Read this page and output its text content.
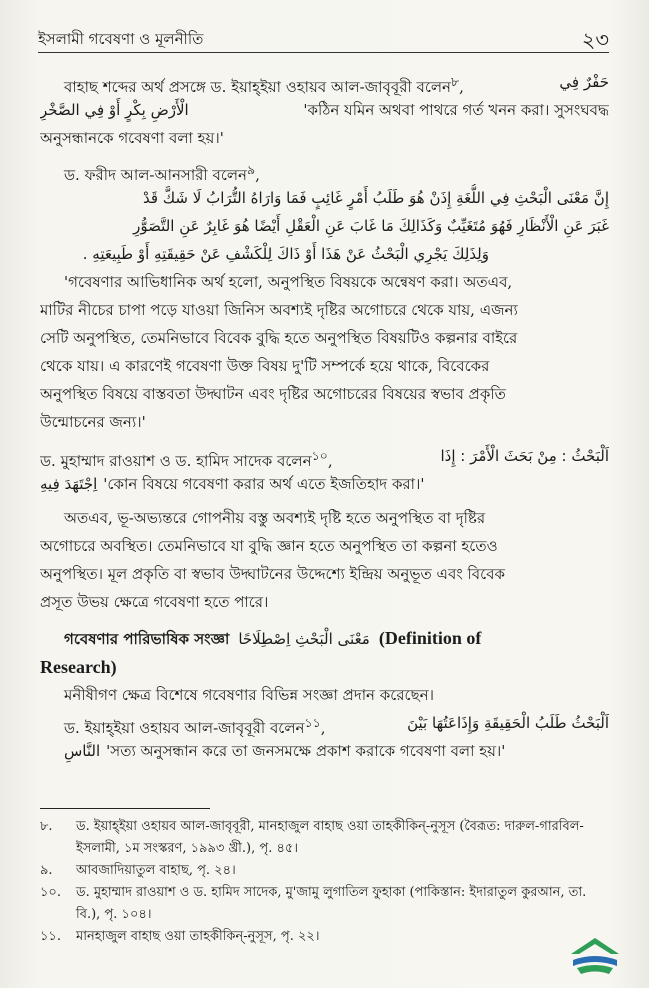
ইসলামী গবেষণা ও মূলনীতি	২৩
বাহাছ শব্দের অর্থ প্রসঙ্গে ড. ইয়াহ্‌ইয়া ওহায়ব আল-জাবৃবূরী বলেন$^৮$,	حَفْرٌ فِي
الْأَرْضِ بِكْرٍ أَوْ فِي الصَّخْرِ	'কঠিন যমিন অথবা পাথরে গর্ত খনন করা। সুসংঘবদ্ধ
অনুসন্ধানকে গবেষণা বলা হয়।'
ড. ফরীদ আল-আনসারী বলেন$^৯$,
إِنَّ مَعْنَى الْبَحْثِ فِي اللُّغَةِ إِذَنْ هُوَ طَلَبُ أَمْرٍ غَائِبٍ فَمَا وَارَاهُ التُّرَابُ لَا شَكَّ قَدْ
غَبَرَ عَنِ الْأَنْظَارِ فَهُوَ مُتَغَيِّبٌ وَكَذَالِكَ مَا غَابَ عَنِ الْعَقْلِ أَيْضًا هُوَ غَابِرٌ عَنِ التَّصَوُّرِ
وَلِذَلِكَ يَجْرِي الْبَحْثُ عَنْ هَذَا أَوْ ذَاكَ لِلْكَشْفِ عَنْ حَقِيقَتِهِ أَوْ طَبِيعَتِهِ .
'গবেষণার আভিধানিক অর্থ হলো, অনুপস্থিত বিষয়কে অন্বেষণ করা। অতএব,
মাটির নীচের চাপা পড়ে যাওয়া জিনিস অবশ্যই দৃষ্টির অগোচরে থেকে যায়, এজন্য
সেটি অনুপস্থিত, তেমনিভাবে বিবেক বুদ্ধি হতে অনুপস্থিত বিষয়টিও কল্পনার বাইরে
থেকে যায়। এ কারণেই গবেষণা উক্ত বিষয় দু'টি সম্পর্কে হয়ে থাকে, বিবেকের
অনুপস্থিত বিষয়ে বাস্তবতা উদ্ঘাটন এবং দৃষ্টির অগোচরের বিষয়ের স্বভাব প্রকৃতি
উন্মোচনের জন্য।'
ড. মুহাম্মাদ রাওয়াশ ও ড. হামিদ সাদেক বলেন$^{১০}$,	اَلْبَحْثُ : مِنْ بَحَثَ الْأَمْرَ : إِذَا
اِجْتَهَدَ فِيهِ 'কোন বিষয়ে গবেষণা করার অর্থ এতে ইজতিহাদ করা।'
অতএব, ভূ-অভ্যন্তরে গোপনীয় বস্তু অবশ্যই দৃষ্টি হতে অনুপস্থিত বা দৃষ্টির
অগোচরে অবস্থিত। তেমনিভাবে যা বুদ্ধি জ্ঞান হতে অনুপস্থিত তা কল্পনা হতেও
অনুপস্থিত। মূল প্রকৃতি বা স্বভাব উদ্ঘাটনের উদ্দেশ্যে ইন্দ্রিয় অনুভূত এবং বিবেক
প্রসূত উভয় ক্ষেত্রে গবেষণা হতে পারে।
গবেষণার পারিভাষিক সংজ্ঞা مَعْنَى الْبَحْثِ اِصْطِلَاحًا (Definition of
Research)
মনীষীগণ ক্ষেত্র বিশেষে গবেষণার বিভিন্ন সংজ্ঞা প্রদান করেছেন।
ড. ইয়াহ্‌ইয়া ওহায়ব আল-জাবৃবূরী বলেন$^{১১}$,	اَلْبَحْثُ طَلَبُ الْحَقِيقَةِ وَإِذَاعَتُهَا بَيْنَ
النَّاسِ 'সত্য অনুসন্ধান করে তা জনসমক্ষে প্রকাশ করাকে গবেষণা বলা হয়।'
৮.	ড. ইয়াহ্‌ইয়া ওহায়ব আল-জাবৃবূরী, মানহাজুল বাহাছ ওয়া তাহকীকিন্‌-নুসূস (বৈরূত: দারুল-গারবিল-ইসলামী, ১ম সংস্করণ, ১৯৯৩ খ্রী.), পৃ. ৪৫।
৯.	আবজাদিয়াতুল বাহাছ, পৃ. ২৪।
১০.	ড. মুহাম্মাদ রাওয়াশ ও ড. হামিদ সাদেক, মু'জামু লুগাতিল ফুহাকা (পাকিস্তান: ইদারাতুল কুরআন, তা. বি.), পৃ. ১০৪।
১১.	মানহাজুল বাহাছ ওয়া তাহকীকিন্‌-নুসূস, পৃ. ২২।
